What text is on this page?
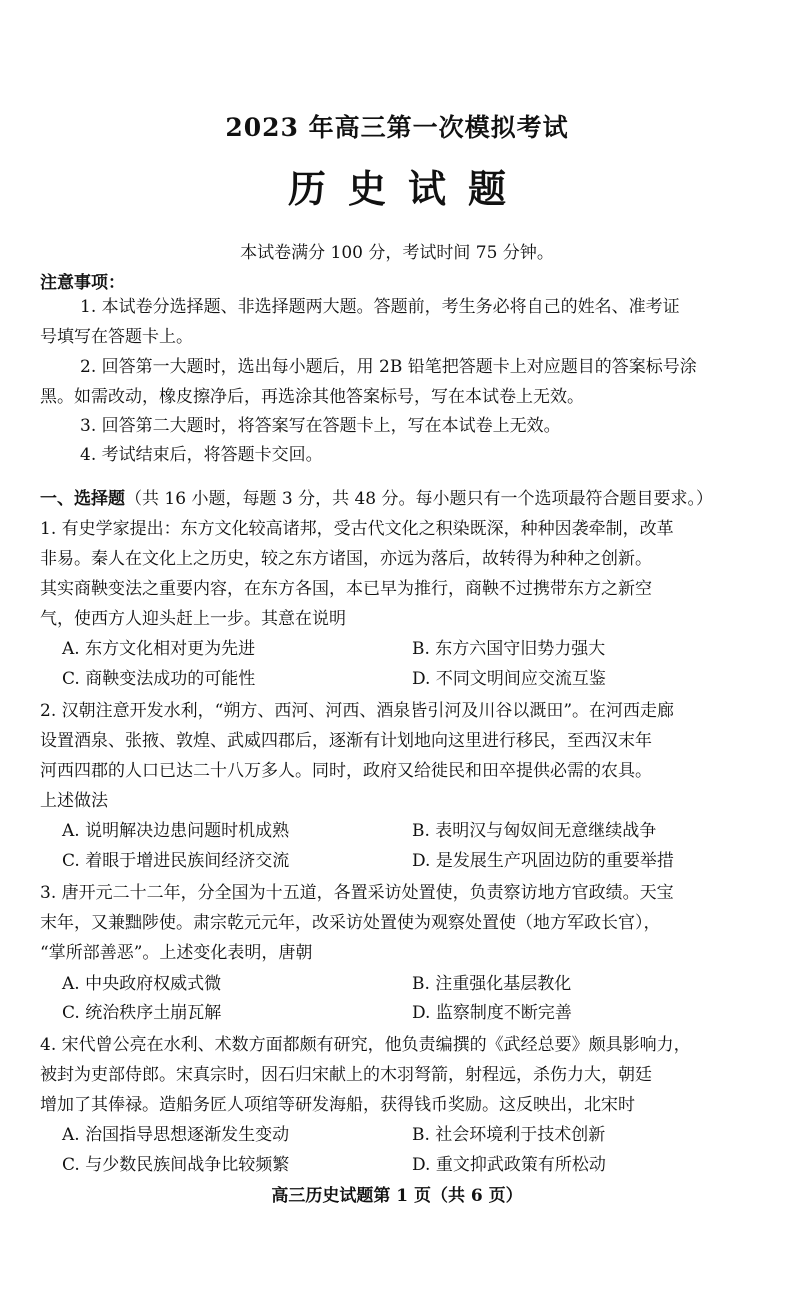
2023 年高三第一次模拟考试
历史试题
本试卷满分 100 分，考试时间 75 分钟。
注意事项：
1. 本试卷分选择题、非选择题两大题。答题前，考生务必将自己的姓名、准考证
号填写在答题卡上。
2. 回答第一大题时，选出每小题后，用 2B 铅笔把答题卡上对应题目的答案标号涂
黑。如需改动，橡皮擦净后，再选涂其他答案标号，写在本试卷上无效。
3. 回答第二大题时，将答案写在答题卡上，写在本试卷上无效。
4. 考试结束后，将答题卡交回。
一、选择题（共 16 小题，每题 3 分，共 48 分。每小题只有一个选项最符合题目要求。）
1. 有史学家提出：东方文化较高诸邦，受古代文化之积染既深，种种因袭牵制，改革
非易。秦人在文化上之历史，较之东方诸国，亦远为落后，故转得为种种之创新。
其实商鞅变法之重要内容，在东方各国，本已早为推行，商鞅不过携带东方之新空
气，使西方人迎头赶上一步。其意在说明
A. 东方文化相对更为先进	B. 东方六国守旧势力强大
C. 商鞅变法成功的可能性	D. 不同文明间应交流互鉴
2. 汉朝注意开发水利，“朔方、西河、河西、酒泉皆引河及川谷以溉田”。在河西走廊
设置酒泉、张掖、敦煌、武威四郡后，逐渐有计划地向这里进行移民，至西汉末年
河西四郡的人口已达二十八万多人。同时，政府又给徙民和田卒提供必需的农具。
上述做法
A. 说明解决边患问题时机成熟	B. 表明汉与匈奴间无意继续战争
C. 着眼于增进民族间经济交流	D. 是发展生产巩固边防的重要举措
3. 唐开元二十二年，分全国为十五道，各置采访处置使，负责察访地方官政绩。天宝
末年，又兼黜陟使。肃宗乾元元年，改采访处置使为观察处置使（地方军政长官），
“掌所部善恶”。上述变化表明，唐朝
A. 中央政府权威式微	B. 注重强化基层教化
C. 统治秩序土崩瓦解	D. 监察制度不断完善
4. 宋代曾公亮在水利、术数方面都颇有研究，他负责编撰的《武经总要》颇具影响力，
被封为吏部侍郎。宋真宗时，因石归宋献上的木羽弩箭，射程远，杀伤力大，朝廷
增加了其俸禄。造船务匠人项绾等研发海船，获得钱币奖励。这反映出，北宋时
A. 治国指导思想逐渐发生变动	B. 社会环境利于技术创新
C. 与少数民族间战争比较频繁	D. 重文抑武政策有所松动
高三历史试题第 1 页（共 6 页）
